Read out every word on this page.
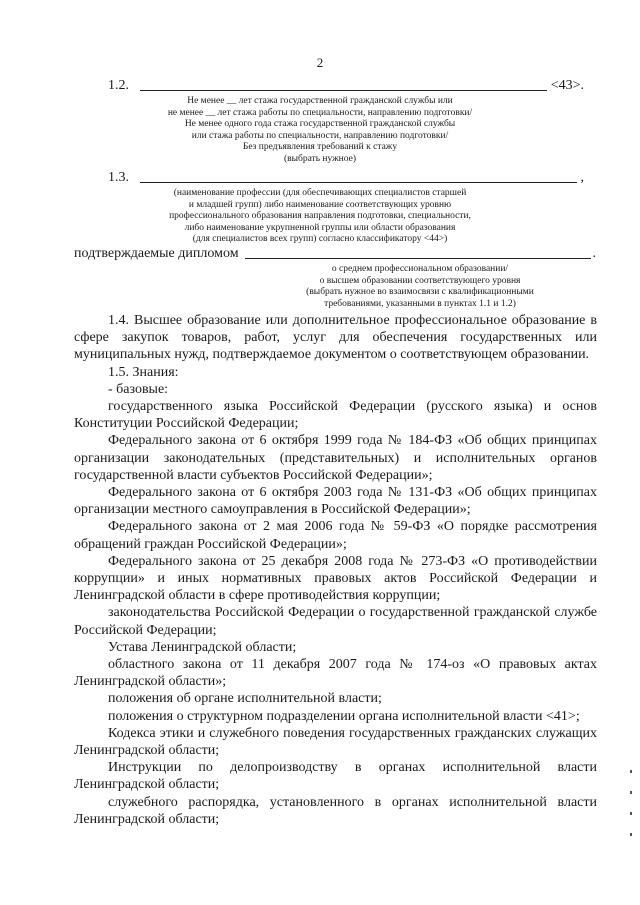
2
1.2.	<43>.
Не менее __ лет стажа государственной гражданской службы или
не менее __ лет стажа работы по специальности, направлению подготовки/
Не менее одного года стажа государственной гражданской службы
или стажа работы по специальности, направлению подготовки/
Без предъявления требований к стажу
(выбрать нужное)
1.3.	,
(наименование профессии (для обеспечивающих специалистов старшей
и младшей групп) либо наименование соответствующих уровню
профессионального образования направления подготовки, специальности,
либо наименование укрупненной группы или области образования
(для специалистов всех групп) согласно классификатору <44>)
подтверждаемые дипломом	.
о среднем профессиональном образовании/
о высшем образовании соответствующего уровня
(выбрать нужное во взаимосвязи с квалификационными
требованиями, указанными в пунктах 1.1 и 1.2)

1.4. Высшее образование или дополнительное профессиональное образование в сфере закупок товаров, работ, услуг для обеспечения государственных или муниципальных нужд, подтверждаемое документом о соответствующем образовании.

1.5. Знания:

- базовые:

государственного языка Российской Федерации (русского языка) и основ Конституции Российской Федерации;

Федерального закона от 6 октября 1999 года № 184-ФЗ «Об общих принципах организации законодательных (представительных) и исполнительных органов государственной власти субъектов Российской Федерации»;

Федерального закона от 6 октября 2003 года № 131-ФЗ «Об общих принципах организации местного самоуправления в Российской Федерации»;

Федерального закона от 2 мая 2006 года № 59-ФЗ «О порядке рассмотрения обращений граждан Российской Федерации»;

Федерального закона от 25 декабря 2008 года № 273-ФЗ «О противодействии коррупции» и иных нормативных правовых актов Российской Федерации и Ленинградской области в сфере противодействия коррупции;

законодательства Российской Федерации о государственной гражданской службе Российской Федерации;

Устава Ленинградской области;

областного закона от 11 декабря 2007 года № 174-оз «О правовых актах Ленинградской области»;

положения об органе исполнительной власти;

положения о структурном подразделении органа исполнительной власти <41>;

Кодекса этики и служебного поведения государственных гражданских служащих Ленинградской области;

Инструкции по делопроизводству в органах исполнительной власти Ленинградской области;

служебного распорядка, установленного в органах исполнительной власти Ленинградской области;
